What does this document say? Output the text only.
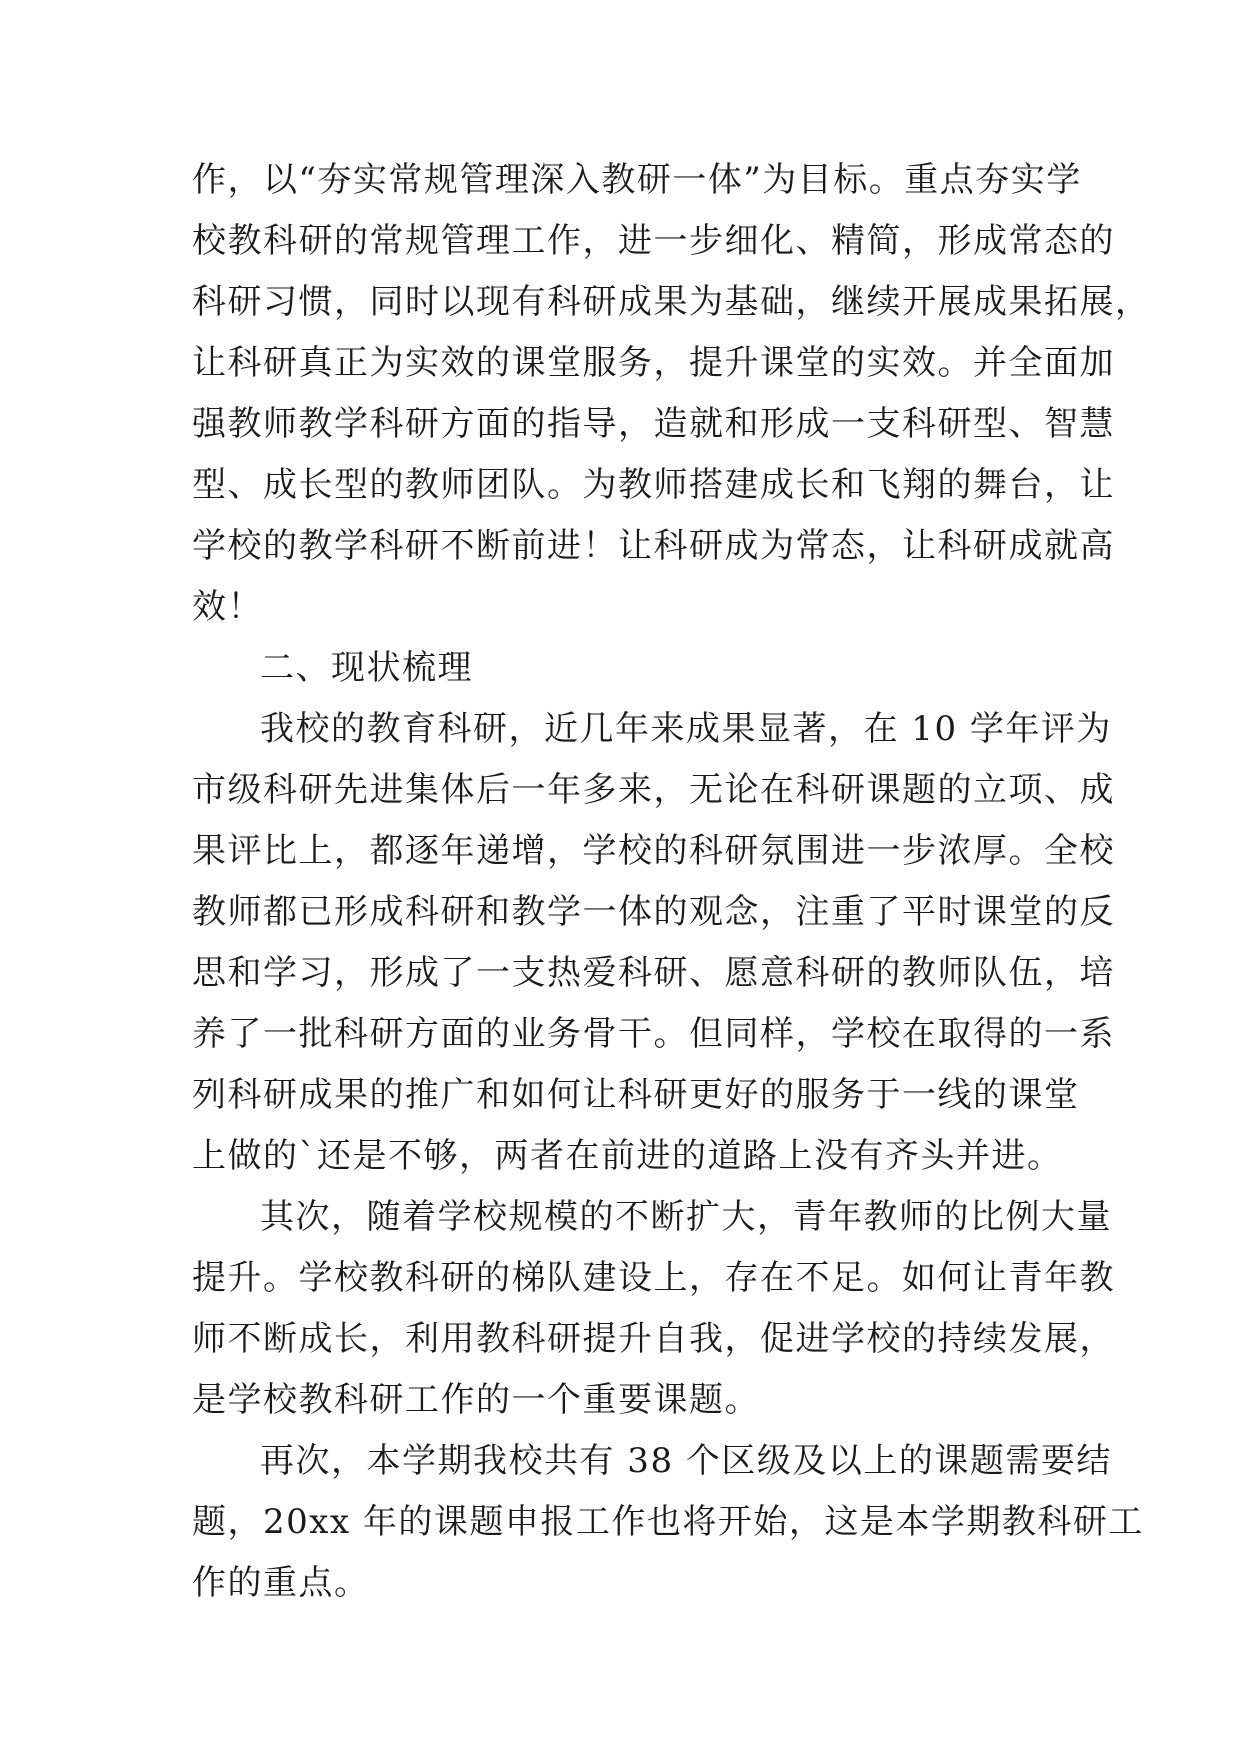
作，以“夯实常规管理深入教研一体”为目标。重点夯实学
校教科研的常规管理工作，进一步细化、精简，形成常态的
科研习惯，同时以现有科研成果为基础，继续开展成果拓展，
让科研真正为实效的课堂服务，提升课堂的实效。并全面加
强教师教学科研方面的指导，造就和形成一支科研型、智慧
型、成长型的教师团队。为教师搭建成长和飞翔的舞台，让
学校的教学科研不断前进！让科研成为常态，让科研成就高
效！
二、现状梳理
我校的教育科研，近几年来成果显著，在 10 学年评为
市级科研先进集体后一年多来，无论在科研课题的立项、成
果评比上，都逐年递增，学校的科研氛围进一步浓厚。全校
教师都已形成科研和教学一体的观念，注重了平时课堂的反
思和学习，形成了一支热爱科研、愿意科研的教师队伍，培
养了一批科研方面的业务骨干。但同样，学校在取得的一系
列科研成果的推广和如何让科研更好的服务于一线的课堂
上做的`还是不够，两者在前进的道路上没有齐头并进。
其次，随着学校规模的不断扩大，青年教师的比例大量
提升。学校教科研的梯队建设上，存在不足。如何让青年教
师不断成长，利用教科研提升自我，促进学校的持续发展，
是学校教科研工作的一个重要课题。
再次，本学期我校共有 38 个区级及以上的课题需要结
题，20xx 年的课题申报工作也将开始，这是本学期教科研工
作的重点。
